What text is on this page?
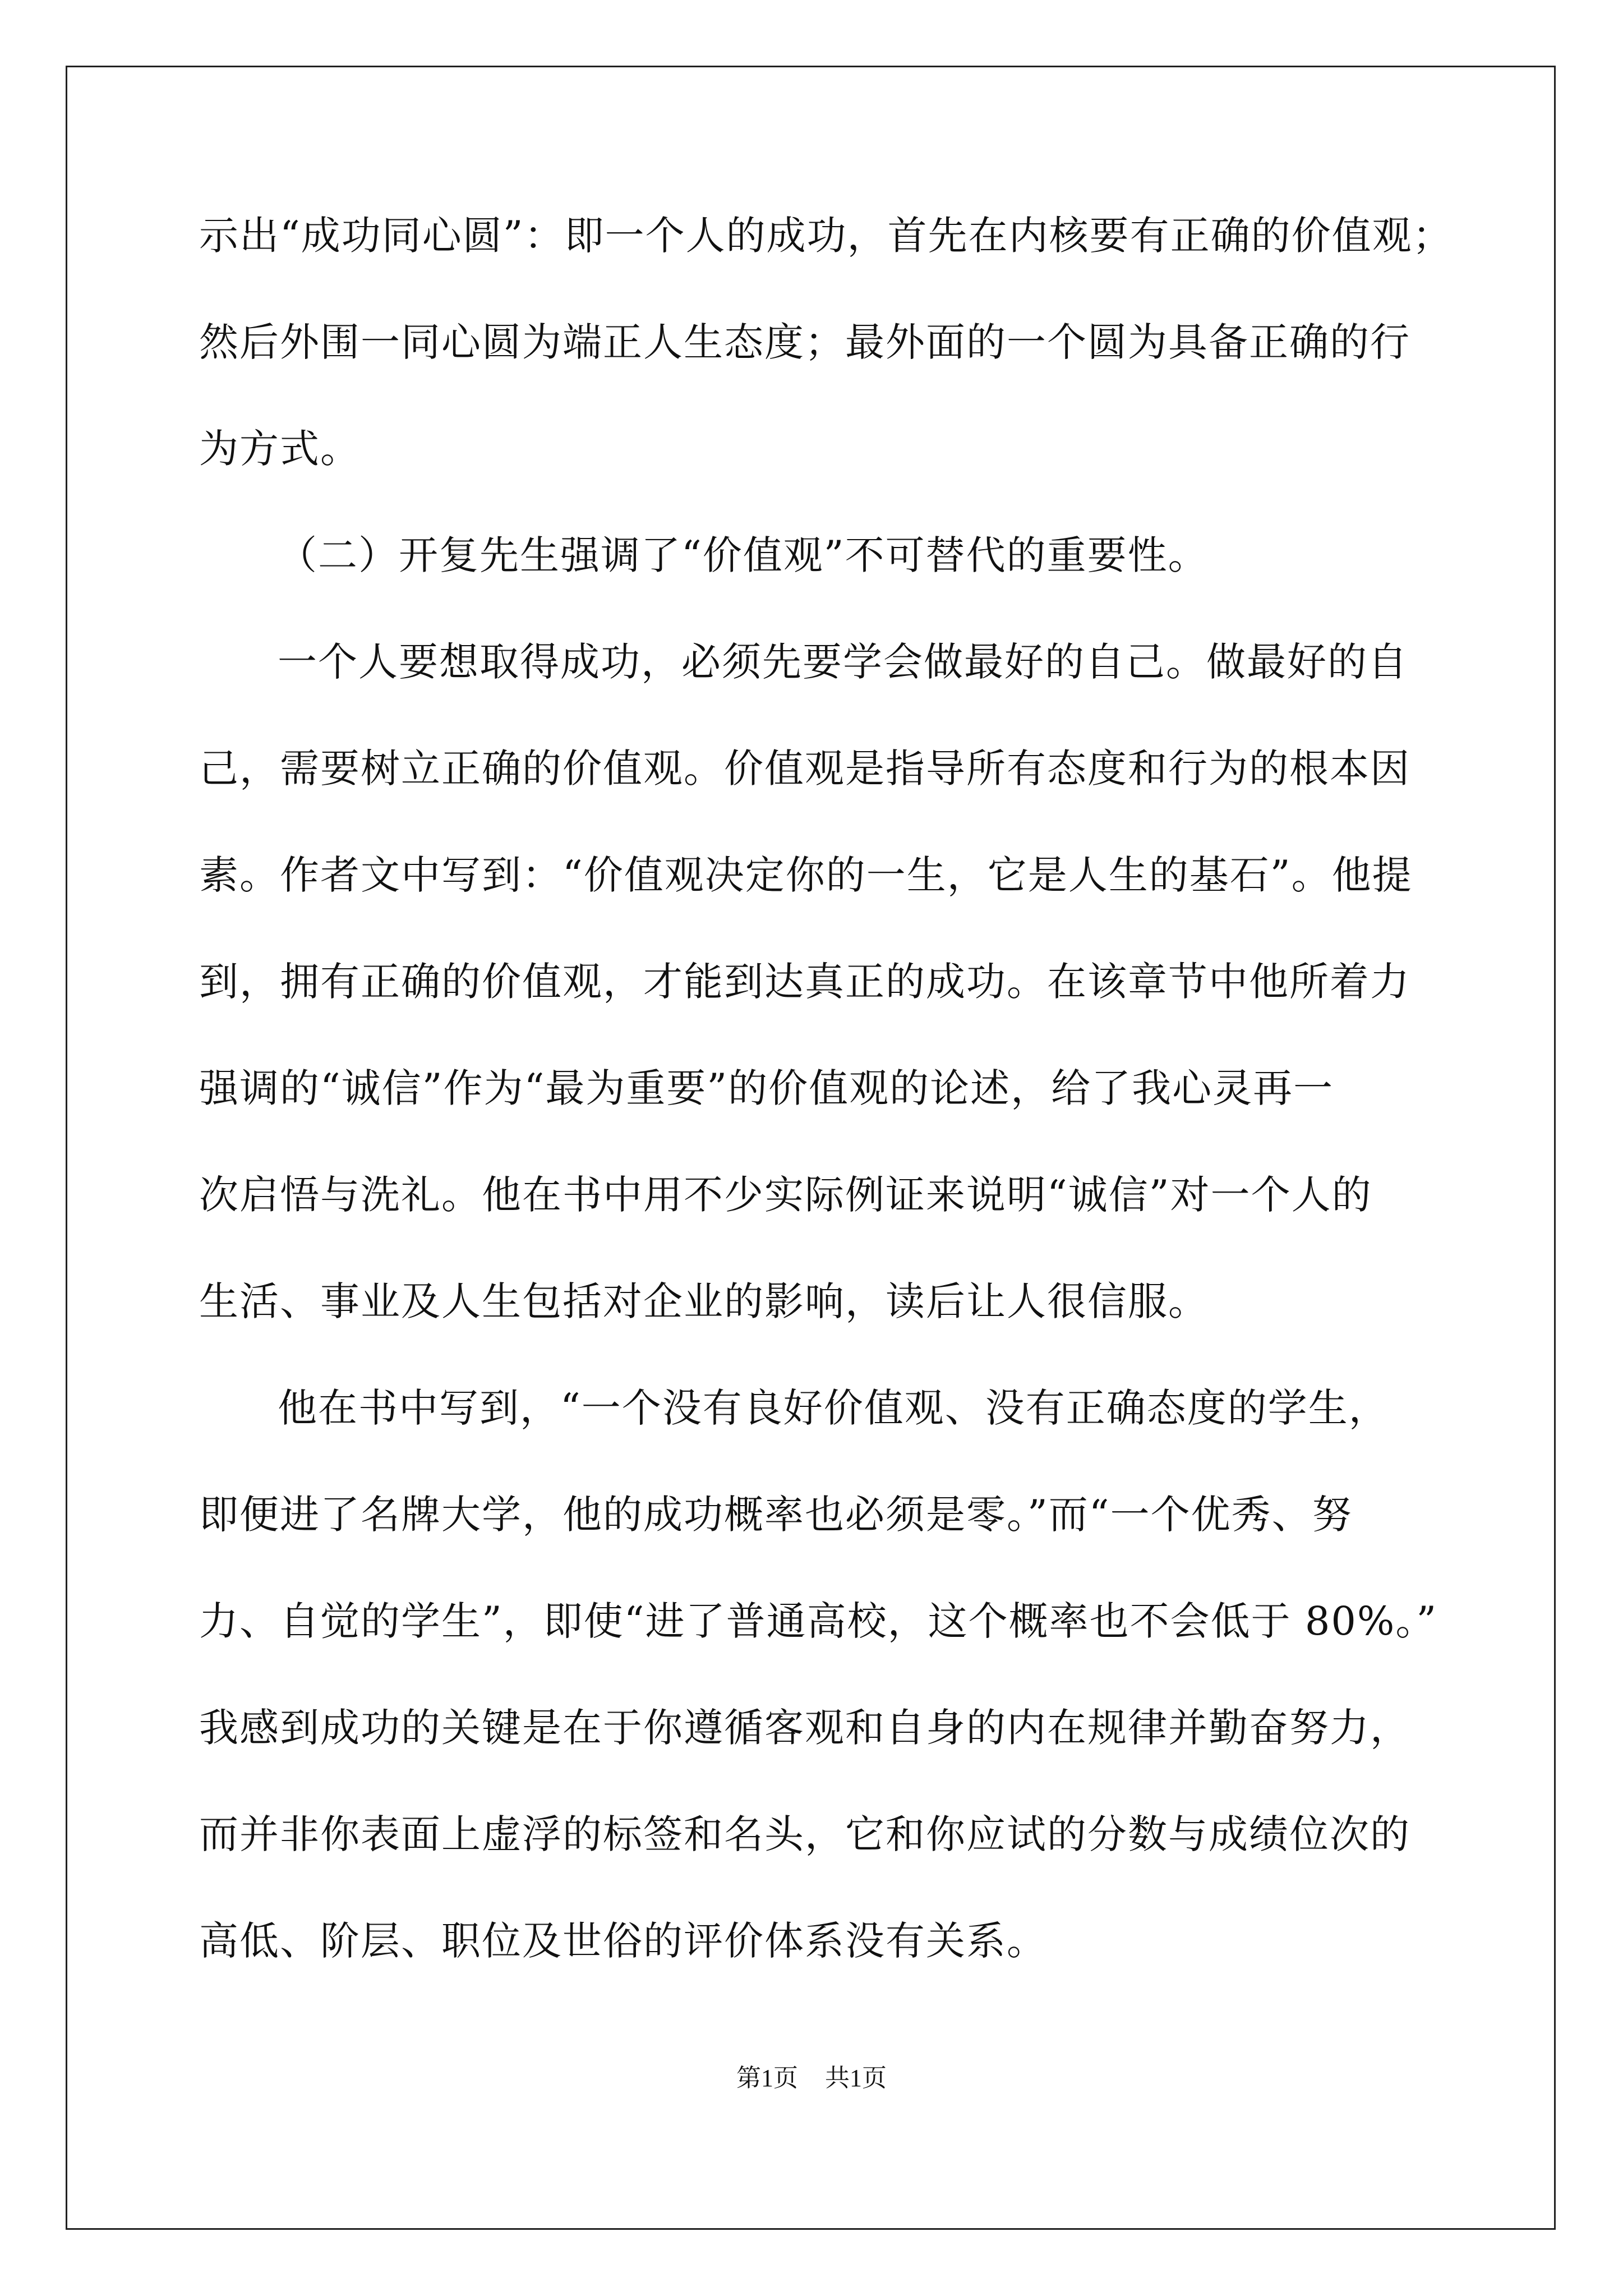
示出“成功同心圆”：即一个人的成功，首先在内核要有正确的价值观；
然后外围一同心圆为端正人生态度；最外面的一个圆为具备正确的行
为方式。
（二）开复先生强调了“价值观”不可替代的重要性。
一个人要想取得成功，必须先要学会做最好的自己。做最好的自
己，需要树立正确的价值观。价值观是指导所有态度和行为的根本因
素。作者文中写到：“价值观决定你的一生，它是人生的基石”。他提
到，拥有正确的价值观，才能到达真正的成功。在该章节中他所着力
强调的“诚信”作为“最为重要”的价值观的论述，给了我心灵再一
次启悟与洗礼。他在书中用不少实际例证来说明“诚信”对一个人的
生活、事业及人生包括对企业的影响，读后让人很信服。
他在书中写到，“一个没有良好价值观、没有正确态度的学生，
即便进了名牌大学，他的成功概率也必须是零。”而“一个优秀、努
力、自觉的学生”，即使“进了普通高校，这个概率也不会低于 80%。”
我感到成功的关键是在于你遵循客观和自身的内在规律并勤奋努力，
而并非你表面上虚浮的标签和名头，它和你应试的分数与成绩位次的
高低、阶层、职位及世俗的评价体系没有关系。
第1页 共1页
